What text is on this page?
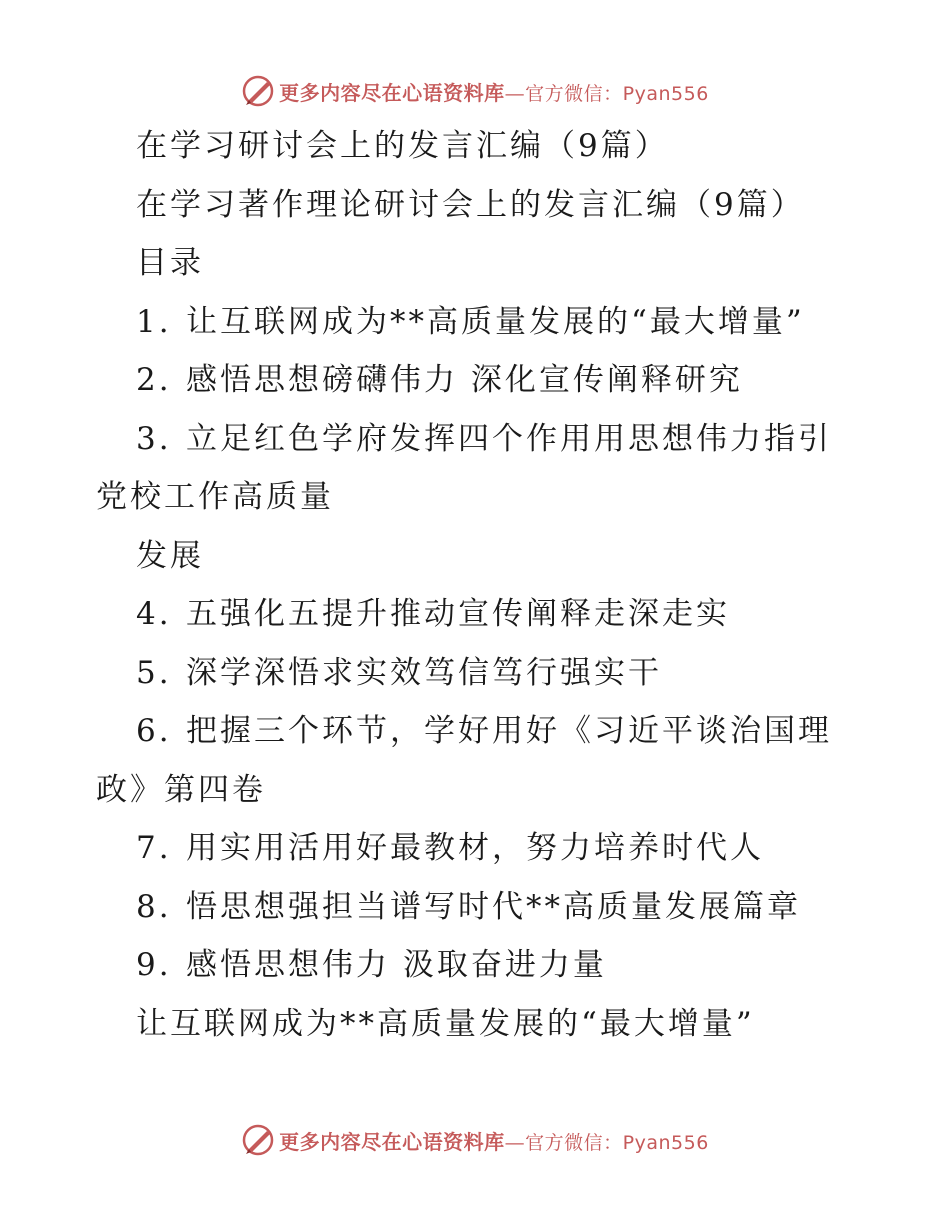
更多内容尽在心语资料库—官方微信：Pyan556
在学习研讨会上的发言汇编（9篇）
在学习著作理论研讨会上的发言汇编（9篇）
目录
1. 让互联网成为**高质量发展的“最大增量”
2. 感悟思想磅礴伟力 深化宣传阐释研究
3. 立足红色学府发挥四个作用用思想伟力指引
党校工作高质量
发展
4. 五强化五提升推动宣传阐释走深走实
5. 深学深悟求实效笃信笃行强实干
6. 把握三个环节，学好用好《习近平谈治国理
政》第四卷
7. 用实用活用好最教材，努力培养时代人
8. 悟思想强担当谱写时代**高质量发展篇章
9. 感悟思想伟力 汲取奋进力量
让互联网成为**高质量发展的“最大增量”
更多内容尽在心语资料库—官方微信：Pyan556
